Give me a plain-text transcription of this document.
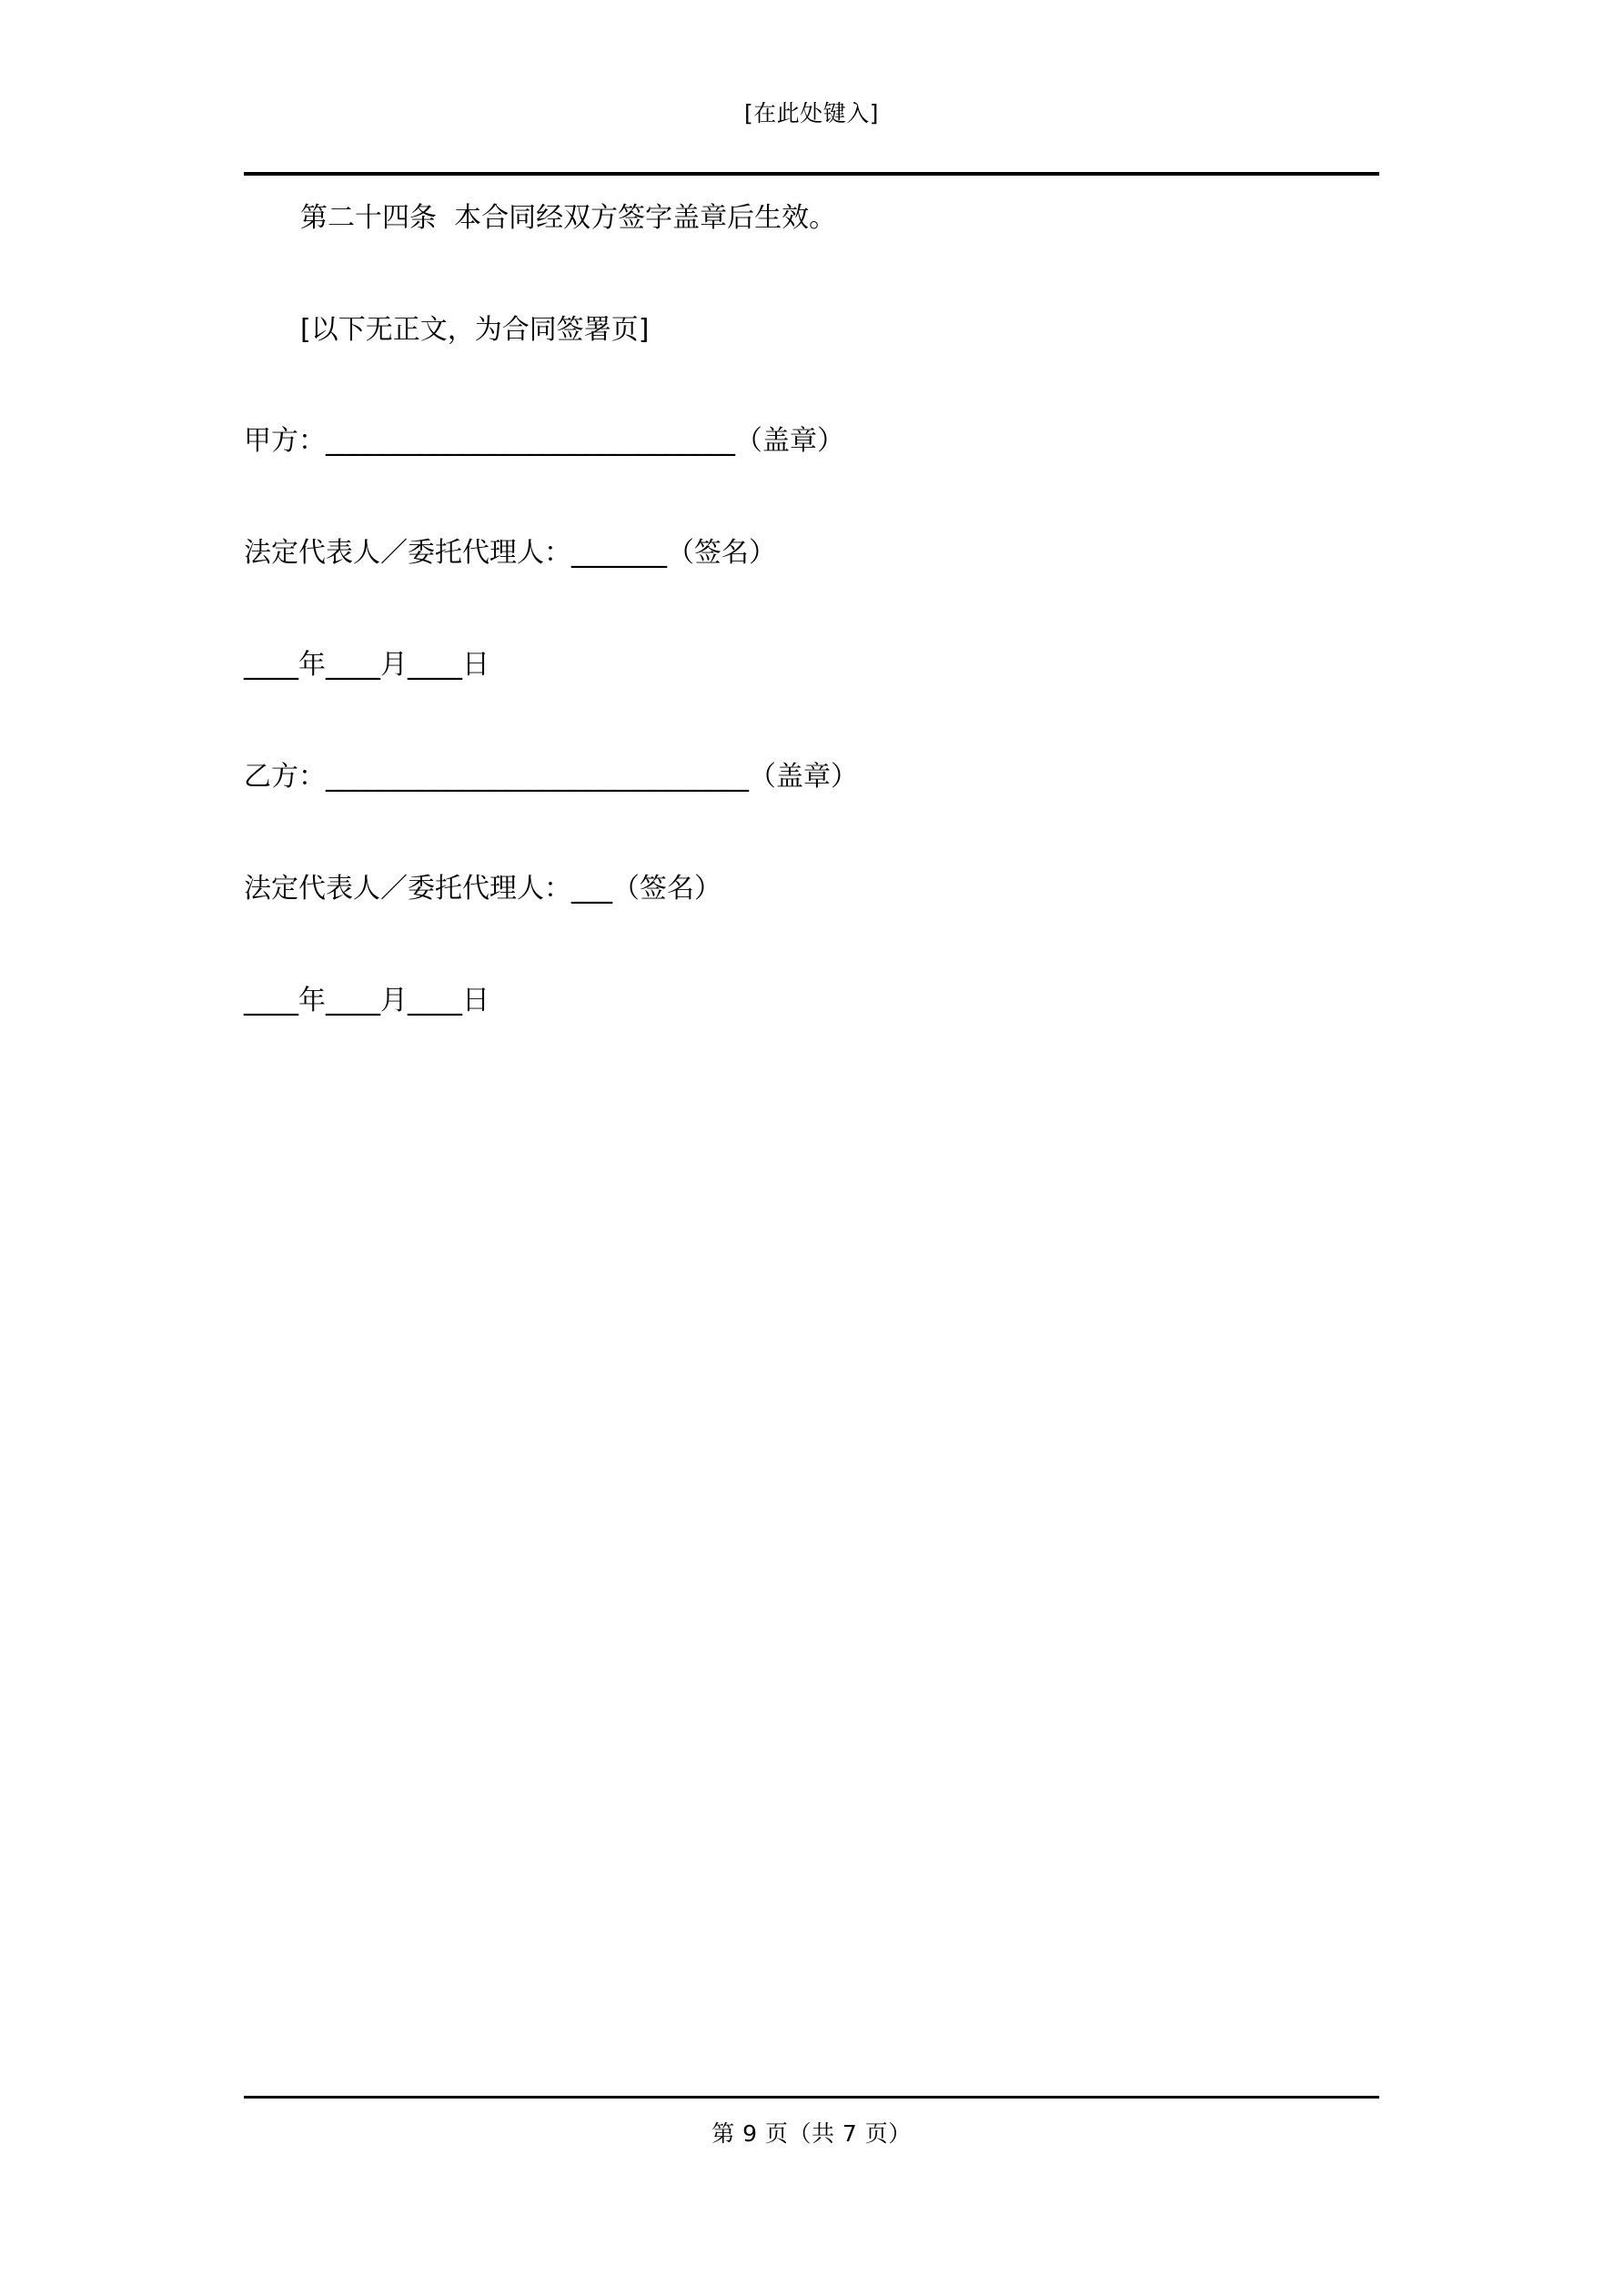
[在此处键入]

第二十四条  本合同经双方签字盖章后生效。

[以下无正文，为合同签署页]

甲方：______________________________（盖章）

法定代表人／委托代理人：_______（签名）

____年____月____日

乙方：_______________________________（盖章）

法定代表人／委托代理人：___（签名）

____年____月____日

第 9 页（共 7 页）
